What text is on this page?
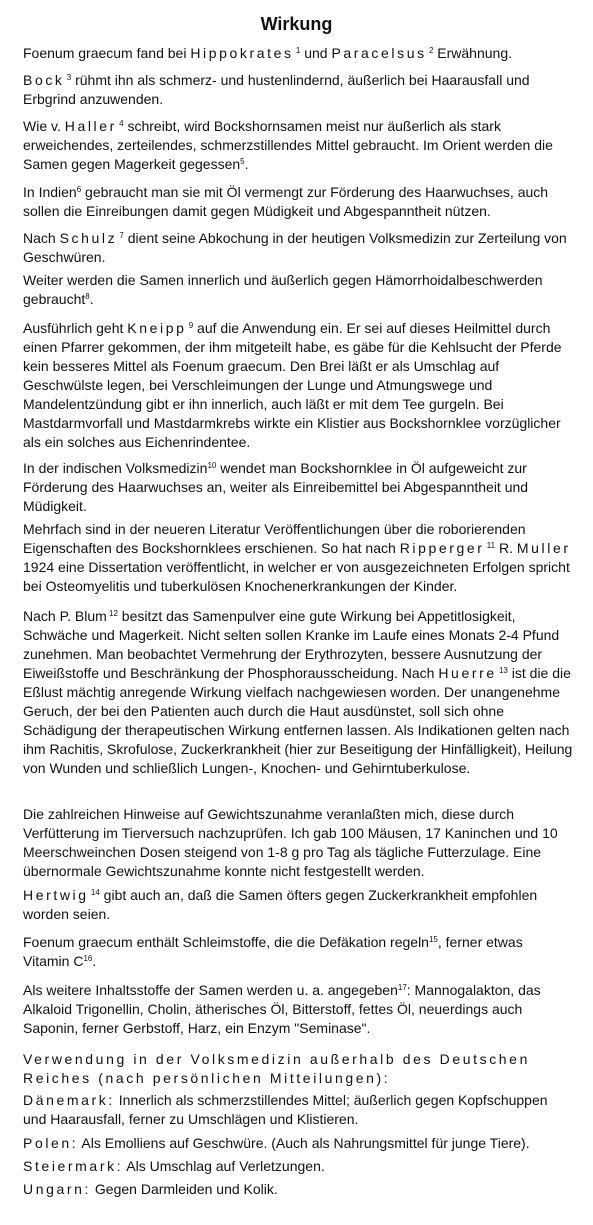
Wirkung

Foenum graecum fand bei Hippokrates $^1$ und Paracelsus $^2$ Erwähnung.

Bock $^3$ rühmt ihn als schmerz- und hustenlindernd, äußerlich bei Haarausfall und Erbgrind anzuwenden.

Wie v. Haller $^4$ schreibt, wird Bockshornsamen meist nur äußerlich als stark erweichendes, zerteilendes, schmerzstillendes Mittel gebraucht. Im Orient werden die Samen gegen Magerkeit gegessen$^5$.

In Indien$^6$ gebraucht man sie mit Öl vermengt zur Förderung des Haarwuchses, auch sollen die Einreibungen damit gegen Müdigkeit und Abgespanntheit nützen.

Nach Schulz $^7$ dient seine Abkochung in der heutigen Volksmedizin zur Zerteilung von Geschwüren.

Weiter werden die Samen innerlich und äußerlich gegen Hämorrhoidalbeschwerden gebraucht$^8$.

Ausführlich geht Kneipp $^9$ auf die Anwendung ein. Er sei auf dieses Heilmittel durch einen Pfarrer gekommen, der ihm mitgeteilt habe, es gäbe für die Kehlsucht der Pferde kein besseres Mittel als Foenum graecum. Den Brei läßt er als Umschlag auf Geschwülste legen, bei Verschleimungen der Lunge und Atmungswege und Mandelentzündung gibt er ihn innerlich, auch läßt er mit dem Tee gurgeln. Bei Mastdarmvorfall und Mastdarmkrebs wirkte ein Klistier aus Bockshornklee vorzüglicher als ein solches aus Eichenrindentee.

In der indischen Volksmedizin$^{10}$ wendet man Bockshornklee in Öl aufgeweicht zur Förderung des Haarwuchses an, weiter als Einreibemittel bei Abgespanntheit und Müdigkeit.

Mehrfach sind in der neueren Literatur Veröffentlichungen über die roborierenden Eigenschaften des Bockshornklees erschienen. So hat nach Ripperger $^{11}$ R. Muller 1924 eine Dissertation veröffentlicht, in welcher er von ausgezeichneten Erfolgen spricht bei Osteomyelitis und tuberkulösen Knochenerkrankungen der Kinder.

Nach P. Blum $^{12}$ besitzt das Samenpulver eine gute Wirkung bei Appetitlosigkeit, Schwäche und Magerkeit. Nicht selten sollen Kranke im Laufe eines Monats 2-4 Pfund zunehmen. Man beobachtet Vermehrung der Erythrozyten, bessere Ausnutzung der Eiweißstoffe und Beschränkung der Phosphorausscheidung. Nach Huerre $^{13}$ ist die die Eßlust mächtig anregende Wirkung vielfach nachgewiesen worden. Der unangenehme Geruch, der bei den Patienten auch durch die Haut ausdünstet, soll sich ohne Schädigung der therapeutischen Wirkung entfernen lassen. Als Indikationen gelten nach ihm Rachitis, Skrofulose, Zuckerkrankheit (hier zur Beseitigung der Hinfälligkeit), Heilung von Wunden und schließlich Lungen-, Knochen- und Gehirntuberkulose.

Die zahlreichen Hinweise auf Gewichtszunahme veranlaßten mich, diese durch Verfütterung im Tierversuch nachzuprüfen. Ich gab 100 Mäusen, 17 Kaninchen und 10 Meerschweinchen Dosen steigend von 1-8 g pro Tag als tägliche Futterzulage. Eine übernormale Gewichtszunahme konnte nicht festgestellt werden.

Hertwig $^{14}$ gibt auch an, daß die Samen öfters gegen Zuckerkrankheit empfohlen worden seien.

Foenum graecum enthält Schleimstoffe, die die Defäkation regeln$^{15}$, ferner etwas Vitamin $C^{16}$.

Als weitere Inhaltsstoffe der Samen werden u. a. angegeben$^{17}$: Mannogalakton, das Alkaloid Trigonellin, Cholin, ätherisches Öl, Bitterstoff, fettes Öl, neuerdings auch Saponin, ferner Gerbstoff, Harz, ein Enzym "Seminase".

Verwendung in der Volksmedizin außerhalb des Deutschen Reiches (nach persönlichen Mitteilungen):

Dänemark: Innerlich als schmerzstillendes Mittel; äußerlich gegen Kopfschuppen und Haarausfall, ferner zu Umschlägen und Klistieren.

Polen: Als Emolliens auf Geschwüre. (Auch als Nahrungsmittel für junge Tiere).

Steiermark: Als Umschlag auf Verletzungen.

Ungarn: Gegen Darmleiden und Kolik.
